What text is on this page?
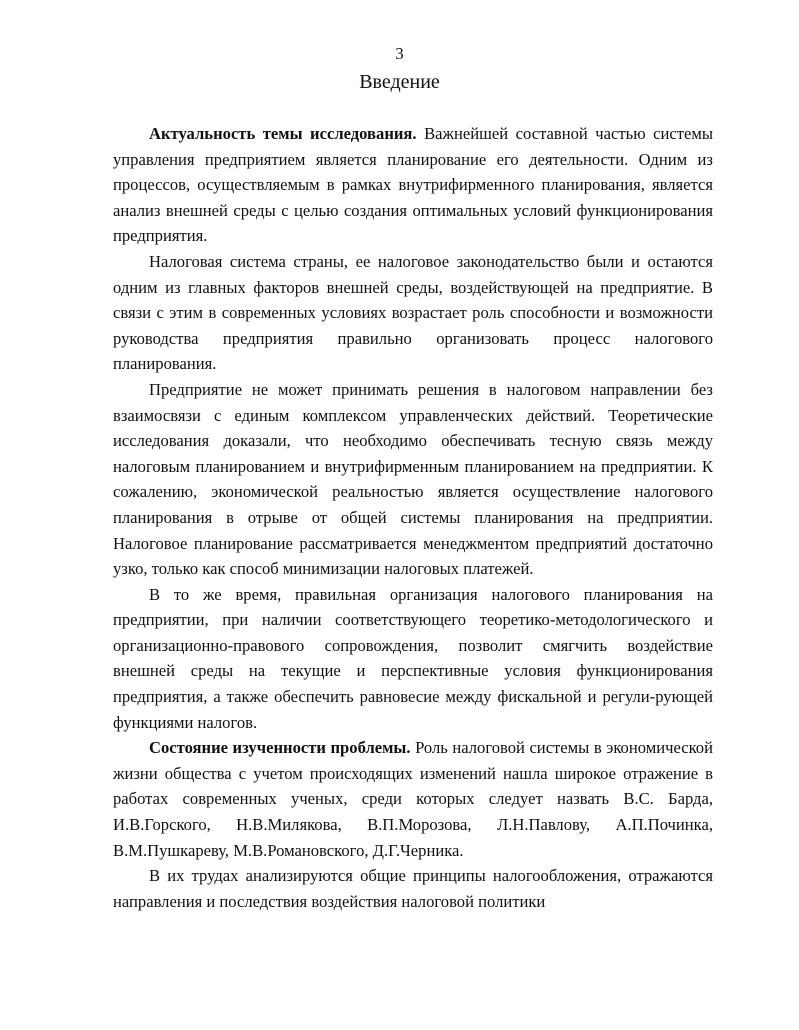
3
Введение

Актуальность темы исследования. Важнейшей составной частью системы управления предприятием является планирование его деятельности. Одним из процессов, осуществляемым в рамках внутрифирменного планирования, является анализ внешней среды с целью создания оптимальных условий функционирования предприятия.

Налоговая система страны, ее налоговое законодательство были и остаются одним из главных факторов внешней среды, воздействующей на предприятие. В связи с этим в современных условиях возрастает роль способности и возможности руководства предприятия правильно организовать процесс налогового планирования.

Предприятие не может принимать решения в налоговом направлении без взаимосвязи с единым комплексом управленческих действий. Теоретические исследования доказали, что необходимо обеспечивать тесную связь между налоговым планированием и внутрифирменным планированием на предприятии. К сожалению, экономической реальностью является осуществление налогового планирования в отрыве от общей системы планирования на предприятии. Налоговое планирование рассматривается менеджментом предприятий достаточно узко, только как способ минимизации налоговых платежей.

В то же время, правильная организация налогового планирования на предприятии, при наличии соответствующего теоретико-методологического и организационно-правового сопровождения, позволит смягчить воздействие внешней среды на текущие и перспективные условия функционирования предприятия, а также обеспечить равновесие между фискальной и регули-рующей функциями налогов.

Состояние изученности проблемы. Роль налоговой системы в экономической жизни общества с учетом происходящих изменений нашла широкое отражение в работах современных ученых, среди которых следует назвать В.С. Барда, И.В.Горского, Н.В.Милякова, В.П.Морозова, Л.Н.Павлову, А.П.Починка, В.М.Пушкареву, М.В.Романовского, Д.Г.Черника.

В их трудах анализируются общие принципы налогообложения, отражаются направления и последствия воздействия налоговой политики
